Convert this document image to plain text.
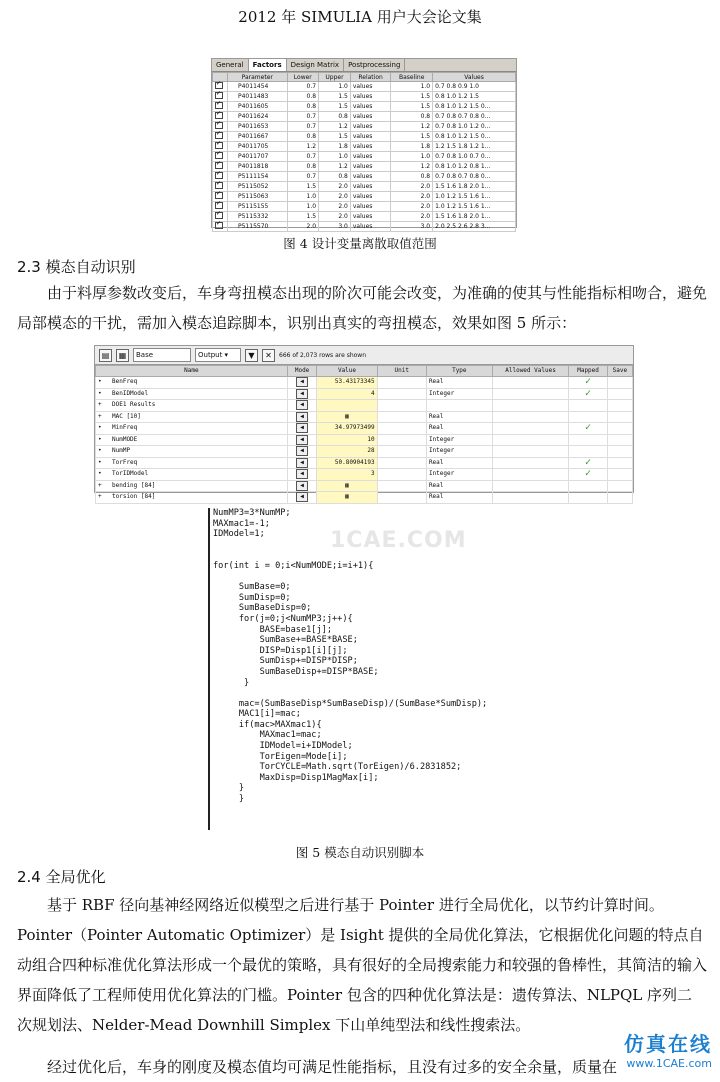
2012 年 SIMULIA 用户大会论文集
General	Factors	Design Matrix	Postprocessing
	Parameter	Lower	Upper	Relation	Baseline	Values
✓	P4011454	0.7	1.0	values	1.0	0.7 0.8 0.9 1.0
✓	P4011483	0.8	1.5	values	1.5	0.8 1.0 1.2 1.5
✓	P4011605	0.8	1.5	values	1.5	0.8 1.0 1.2 1.5 0...
✓	P4011624	0.7	0.8	values	0.8	0.7 0.8 0.7 0.8 0...
✓	P4011653	0.7	1.2	values	1.2	0.7 0.8 1.0 1.2 0...
✓	P4011667	0.8	1.5	values	1.5	0.8 1.0 1.2 1.5 0...
✓	P4011705	1.2	1.8	values	1.8	1.2 1.5 1.8 1.2 1...
✓	P4011707	0.7	1.0	values	1.0	0.7 0.8 1.0 0.7 0...
✓	P4011818	0.8	1.2	values	1.2	0.8 1.0 1.2 0.8 1...
✓	P5111154	0.7	0.8	values	0.8	0.7 0.8 0.7 0.8 0...
✓	P5115052	1.5	2.0	values	2.0	1.5 1.6 1.8 2.0 1...
✓	P5115063	1.0	2.0	values	2.0	1.0 1.2 1.5 1.6 1...
✓	P5115155	1.0	2.0	values	2.0	1.0 1.2 1.5 1.6 1...
✓	P5115332	1.5	2.0	values	2.0	1.5 1.6 1.8 2.0 1...
✓	P5115570	2.0	3.0	values	3.0	2.0 2.5 2.6 2.8 3...
图 4 设计变量离散取值范围
2.3 模态自动识别
由于料厚参数改变后，车身弯扭模态出现的阶次可能会改变，为准确的使其与性能指标相吻合，避免局部模态的干扰，需加入模态追踪脚本，识别出真实的弯扭模态，效果如图 5 所示：
▤	▦	Base	Output ▾	▼	✕	666 of 2,073 rows are shown
Name	Mode	Value	Unit	Type	Allowed Values	Mapped	Save
• BenFreq	◀	53.43173345		Real		✓	
• BenIDModel	◀	4		Integer		✓	
+ DOE1 Results	◀						
+ MAC [10]	◀	▦		Real			
• MinFreq	◀	34.97973499		Real		✓	
• NumMODE	◀	10		Integer			
• NumMP	◀	28		Integer			
• TorFreq	◀	50.80904193		Real		✓	
• TorIDModel	◀	3		Integer		✓	
+ bending [84]	◀	▦		Real			
+ torsion [84]	◀	▦		Real			
NumMP3=3*NumMP;
MAXmac1=-1;
IDModel=1;

for(int i = 0;i<NumMODE;i=i+1){

SumBase=0;
SumDisp=0;
SumBaseDisp=0;
for(j=0;j<NumMP3;j++){
BASE=base1[j];
SumBase+=BASE*BASE;
DISP=Disp1[i][j];
SumDisp+=DISP*DISP;
SumBaseDisp+=DISP*BASE;
}

mac=(SumBaseDisp*SumBaseDisp)/(SumBase*SumDisp);
MAC1[i]=mac;
if(mac>MAXmac1){
MAXmac1=mac;
IDModel=i+IDModel;
TorEigen=Mode[i];
TorCYCLE=Math.sqrt(TorEigen)/6.2831852;
MaxDisp=Disp1MagMax[i];
}
}
1CAE.COM
图 5 模态自动识别脚本
2.4 全局优化
基于 RBF 径向基神经网络近似模型之后进行基于 Pointer 进行全局优化，以节约计算时间。Pointer（Pointer Automatic Optimizer）是 Isight 提供的全局优化算法，它根据优化问题的特点自动组合四种标准优化算法形成一个最优的策略，具有很好的全局搜索能力和较强的鲁棒性，其简洁的输入界面降低了工程师使用优化算法的门槛。Pointer 包含的四种优化算法是：遗传算法、NLPQL 序列二次规划法、Nelder-Mead Downhill Simplex 下山单纯型法和线性搜索法。
经过优化后，车身的刚度及模态值均可满足性能指标，且没有过多的安全余量，质量在
仿真在线
www.1CAE.com
